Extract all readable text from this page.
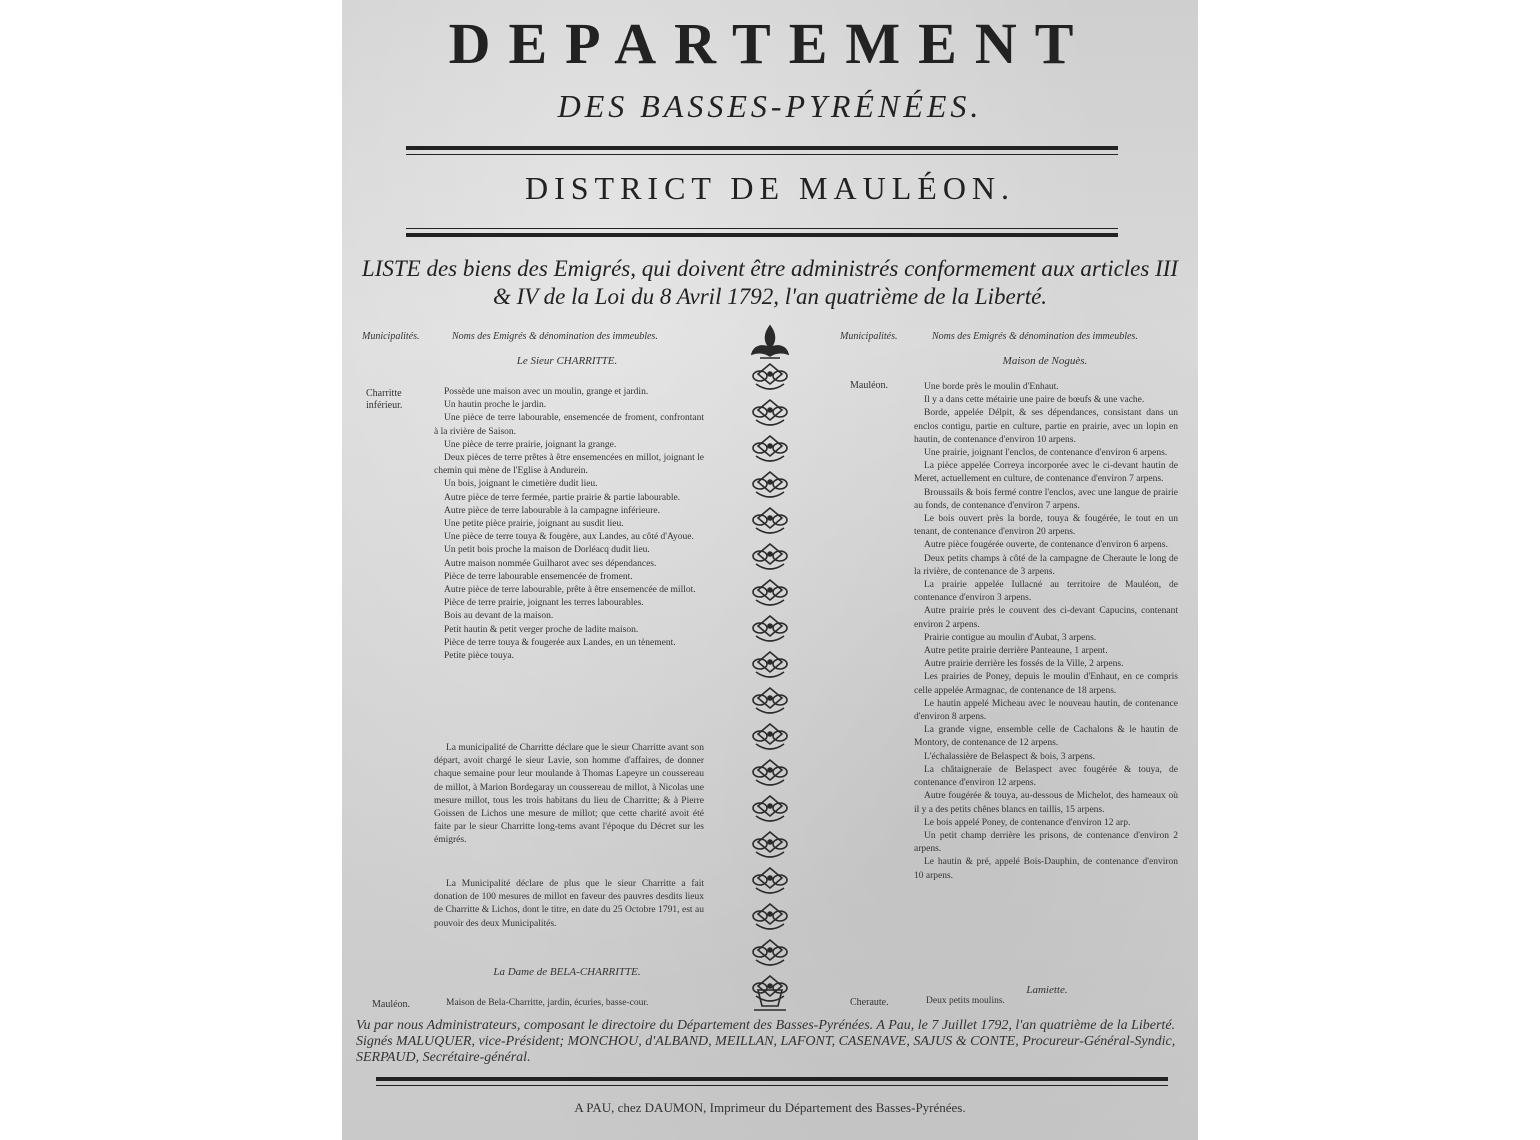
DEPARTEMENT
DES BASSES-PYRÉNÉES.
DISTRICT DE MAULÉON.
LISTE des biens des Emigrés, qui doivent être administrés conformement aux articles III
& IV de la Loi du 8 Avril 1792, l'an quatrième de la Liberté.
Municipalités.	Noms des Emigrés & dénomination des immeubles.
Le Sieur CHARRITTE.
Charritte inférieur.

Possède une maison avec un moulin, grange et jardin.

Un hautin proche le jardin.

Une pièce de terre labourable, ensemencée de froment, confrontant à la rivière de Saison.

Une pièce de terre prairie, joignant la grange.

Deux pièces de terre prêtes à être ensemencées en millot, joignant le chemin qui mène de l'Eglise à Andurein.

Un bois, joignant le cimetière dudit lieu.

Autre pièce de terre fermée, partie prairie & partie labourable.

Autre pièce de terre labourable à la campagne inférieure.

Une petite pièce prairie, joignant au susdit lieu.

Une pièce de terre touya & fougère, aux Landes, au côté d'Ayoue.

Un petit bois proche la maison de Dorléacq dudit lieu.

Autre maison nommée Guilharot avec ses dépendances.

Pièce de terre labourable ensemencée de froment.

Autre pièce de terre labourable, prête à être ensemencée de millot.

Pièce de terre prairie, joignant les terres labourables.

Bois au devant de la maison.

Petit hautin & petit verger proche de ladite maison.

Pièce de terre touya & fougerée aux Landes, en un tènement.

Petite pièce touya.

La municipalité de Charritte déclare que le sieur Charritte avant son départ, avoit chargé le sieur Lavie, son homme d'affaires, de donner chaque semaine pour leur moulande à Thomas Lapeyre un coussereau de millot, à Marion Bordegaray un coussereau de millot, à Nicolas une mesure millot, tous les trois habitans du lieu de Charritte; & à Pierre Goissen de Lichos une mesure de millot; que cette charité avoit été faite par le sieur Charritte long-tems avant l'époque du Décret sur les émigrés.
La Municipalité déclare de plus que le sieur Charritte a fait donation de 100 mesures de millot en faveur des pauvres desdits lieux de Charritte & Lichos, dont le titre, en date du 25 Octobre 1791, est au pouvoir des deux Municipalités.
La Dame de BELA-CHARRITTE.
Mauléon.	Maison de Bela-Charritte, jardin, écuries, basse-cour.
Municipalités.	Noms des Emigrés & dénomination des immeubles.
Maison de Noguès.
Mauléon.	Une borde près le moulin d'Enhaut.

Il y a dans cette métairie une paire de bœufs & une vache.

Borde, appelée Délpit, & ses dépendances, consistant dans un enclos contigu, partie en culture, partie en prairie, avec un lopin en hautin, de contenance d'environ 10 arpens.

Une prairie, joignant l'enclos, de contenance d'environ 6 arpens.

La pièce appelée Correya incorporée avec le ci-devant hautin de Meret, actuellement en culture, de contenance d'environ 7 arpens.

Broussails & bois fermé contre l'enclos, avec une langue de prairie au fonds, de contenance d'environ 7 arpens.

Le bois ouvert près la borde, touya & fougérée, le tout en un tenant, de contenance d'environ 20 arpens.

Autre pièce fougérée ouverte, de contenance d'environ 6 arpens.

Deux petits champs à côté de la campagne de Cheraute le long de la rivière, de contenance de 3 arpens.

La prairie appelée Iullacné au territoire de Mauléon, de contenance d'environ 3 arpens.

Autre prairie près le couvent des ci-devant Capucins, contenant environ 2 arpens.

Prairie contigue au moulin d'Aubat, 3 arpens.

Autre petite prairie derrière Panteaune, 1 arpent.

Autre prairie derrière les fossés de la Ville, 2 arpens.

Les prairies de Poney, depuis le moulin d'Enhaut, en ce compris celle appelée Armagnac, de contenance de 18 arpens.

Le hautin appelé Micheau avec le nouveau hautin, de contenance d'environ 8 arpens.

La grande vigne, ensemble celle de Cachalons & le hautin de Montory, de contenance de 12 arpens.

L'échalassière de Belaspect & bois, 3 arpens.

La châtaigneraie de Belaspect avec fougérée & touya, de contenance d'environ 12 arpens.

Autre fougérée & touya, au-dessous de Michelot, des hameaux où il y a des petits chênes blancs en taillis, 15 arpens.

Le bois appelé Poney, de contenance d'environ 12 arp.

Un petit champ derrière les prisons, de contenance d'environ 2 arpens.

Le hautin & pré, appelé Bois-Dauphin, de contenance d'environ 10 arpens.

Lamiette.
Cheraute.	Deux petits moulins.
Vu par nous Administrateurs, composant le directoire du Département des Basses-Pyrénées. A Pau, le 7 Juillet 1792, l'an quatrième de la Liberté. Signés MALUQUER, vice-Président; MONCHOU, d'ALBAND, MEILLAN, LAFONT, CASENAVE, SAJUS & CONTE, Procureur-Général-Syndic, SERPAUD, Secrétaire-général.
A PAU, chez DAUMON, Imprimeur du Département des Basses-Pyrénées.
